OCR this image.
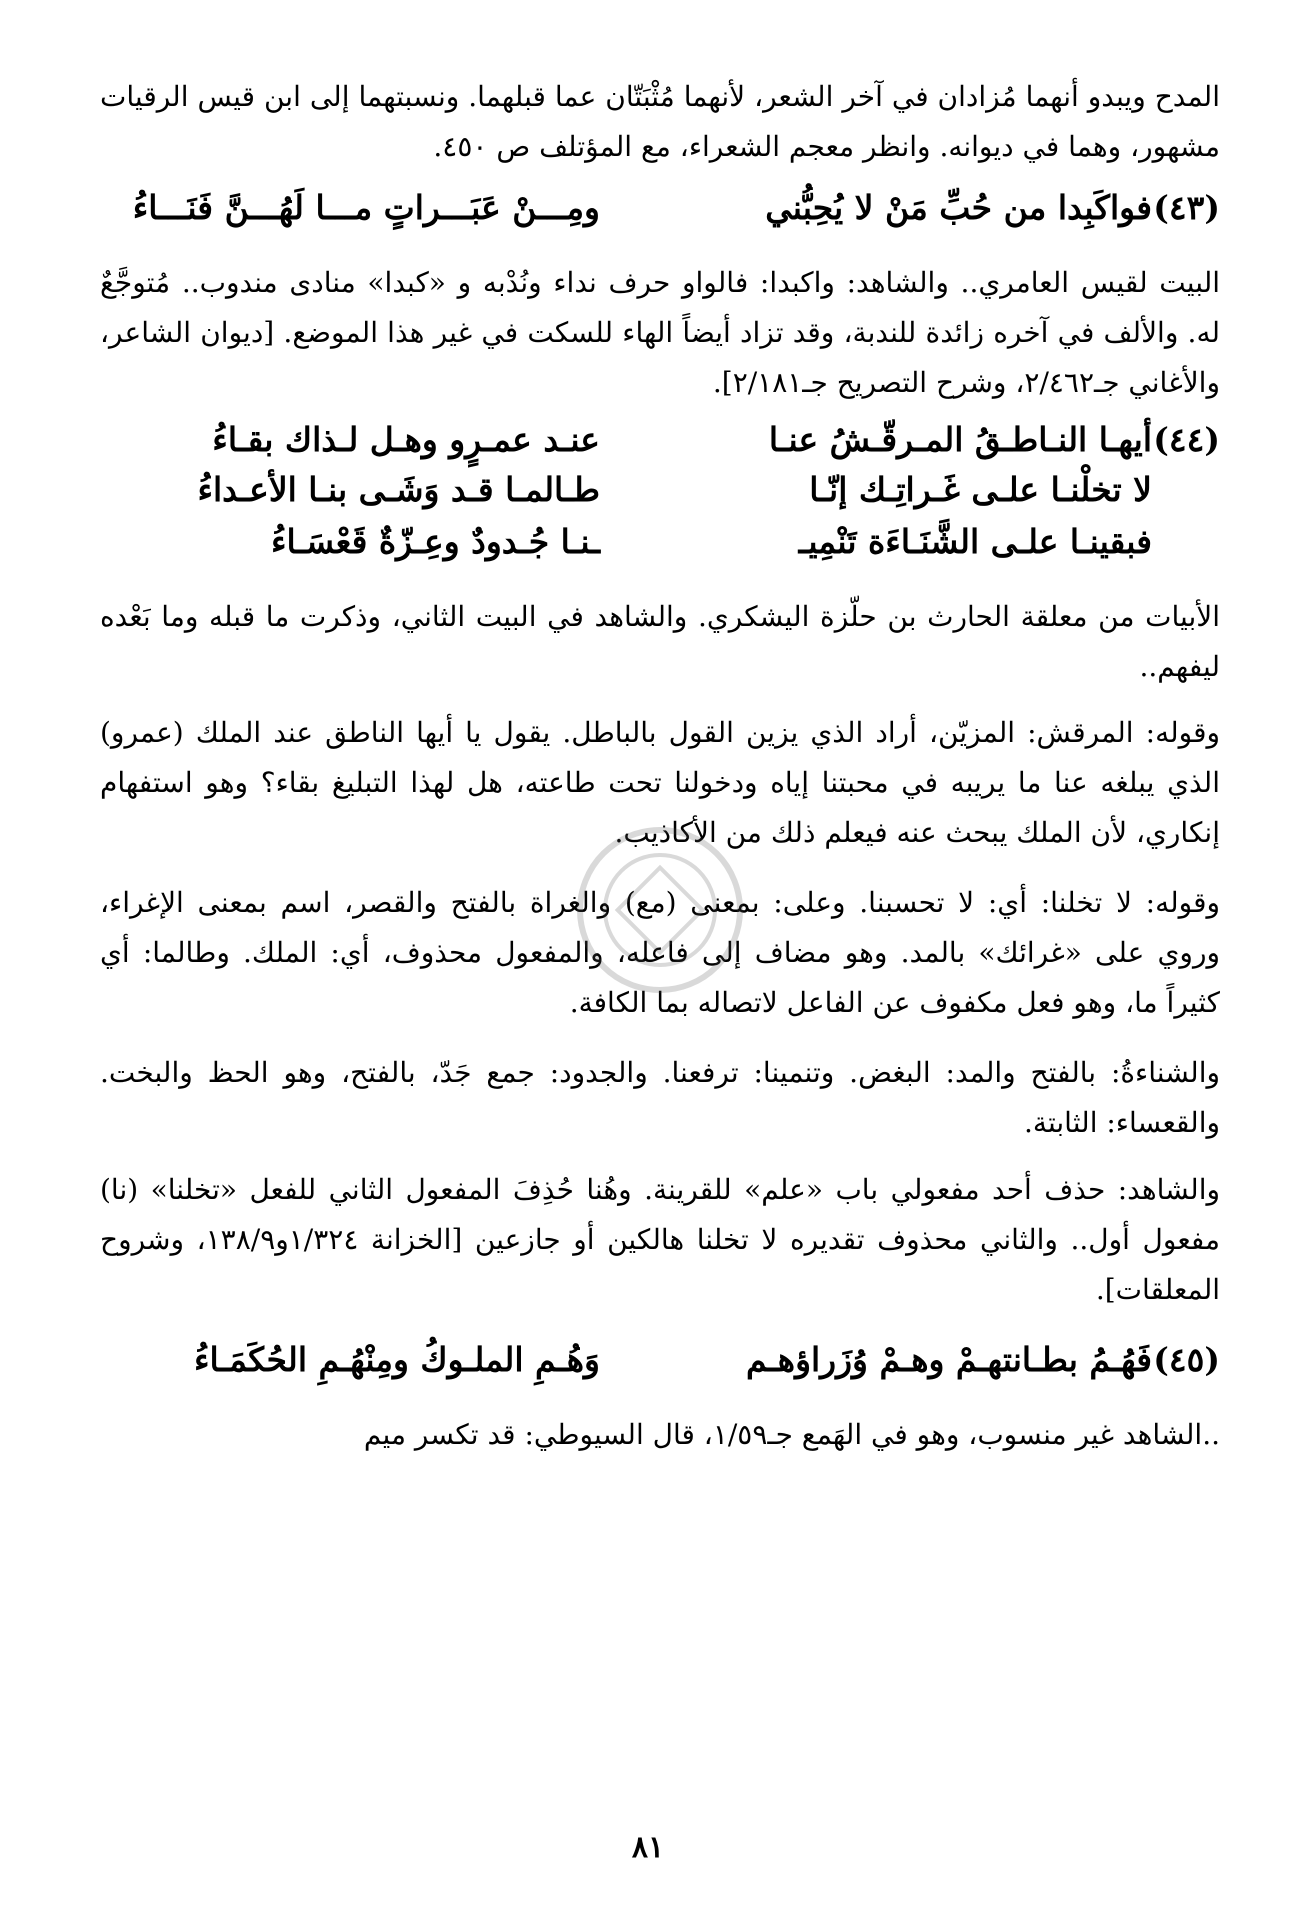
المدح ويبدو أنهما مُزادان في آخر الشعر، لأنهما مُثْبَتّان عما قبلهما. ونسبتهما إلى ابن قيس الرقيات مشهور، وهما في ديوانه. وانظر معجم الشعراء، مع المؤتلف ص ٤٥٠.
(٤٣)
فواكَبِدا من حُبِّ مَنْ لا يُحِبُّني
ومِـــنْ عَبَـــراتٍ مـــا لَهُـــنَّ فَنَـــاءُ
البيت لقيس العامري.. والشاهد: واكبدا: فالواو حرف نداء ونُدْبه و «كبدا» منادى مندوب.. مُتوجَّعٌ له. والألف في آخره زائدة للندبة، وقد تزاد أيضاً الهاء للسكت في غير هذا الموضع. [ديوان الشاعر، والأغاني جـ٢/٤٦٢، وشرح التصريح جـ٢/١٨١].
(٤٤)
أيهـا النـاطـقُ المـرقّـشُ عنـا
عنـد عمـرٍو وهـل لـذاك بقـاءُ
لا تخلْنـا علـى غَـراتِـك إنّـا
طـالمـا قـد وَشَـى بنـا الأعـداءُ
فبقينـا علـى الشَّنَـاءَة تَنْمِيـ
ـنـا جُـدودٌ وعِـزّةٌ قَعْسَـاءُ
الأبيات من معلقة الحارث بن حلّزة اليشكري. والشاهد في البيت الثاني، وذكرت ما قبله وما بَعْده ليفهم..
وقوله: المرقش: المزيّن، أراد الذي يزين القول بالباطل. يقول يا أيها الناطق عند الملك (عمرو) الذي يبلغه عنا ما يريبه في محبتنا إياه ودخولنا تحت طاعته، هل لهذا التبليغ بقاء؟ وهو استفهام إنكاري، لأن الملك يبحث عنه فيعلم ذلك من الأكاذيب.
وقوله: لا تخلنا: أي: لا تحسبنا. وعلى: بمعنى (مع) والغراة بالفتح والقصر، اسم بمعنى الإغراء، وروي على «غرائك» بالمد. وهو مضاف إلى فاعله، والمفعول محذوف، أي: الملك. وطالما: أي كثيراً ما، وهو فعل مكفوف عن الفاعل لاتصاله بما الكافة.
والشناءةُ: بالفتح والمد: البغض. وتنمينا: ترفعنا. والجدود: جمع جَدّ، بالفتح، وهو الحظ والبخت. والقعساء: الثابتة.
والشاهد: حذف أحد مفعولي باب «علم» للقرينة. وهُنا حُذِفَ المفعول الثاني للفعل «تخلنا» (نا) مفعول أول.. والثاني محذوف تقديره لا تخلنا هالكين أو جازعين [الخزانة ١/٣٢٤و١٣٨/٩، وشروح المعلقات].
(٤٥)
فَهُـمُ بطـانتهـمْ وهـمْ وُزَراؤهـم
وَهُـمِ الملـوكُ ومِنْهُـمِ الحُكَمَـاءُ
..الشاهد غير منسوب، وهو في الهَمع جـ١/٥٩، قال السيوطي: قد تكسر ميم
٨١
